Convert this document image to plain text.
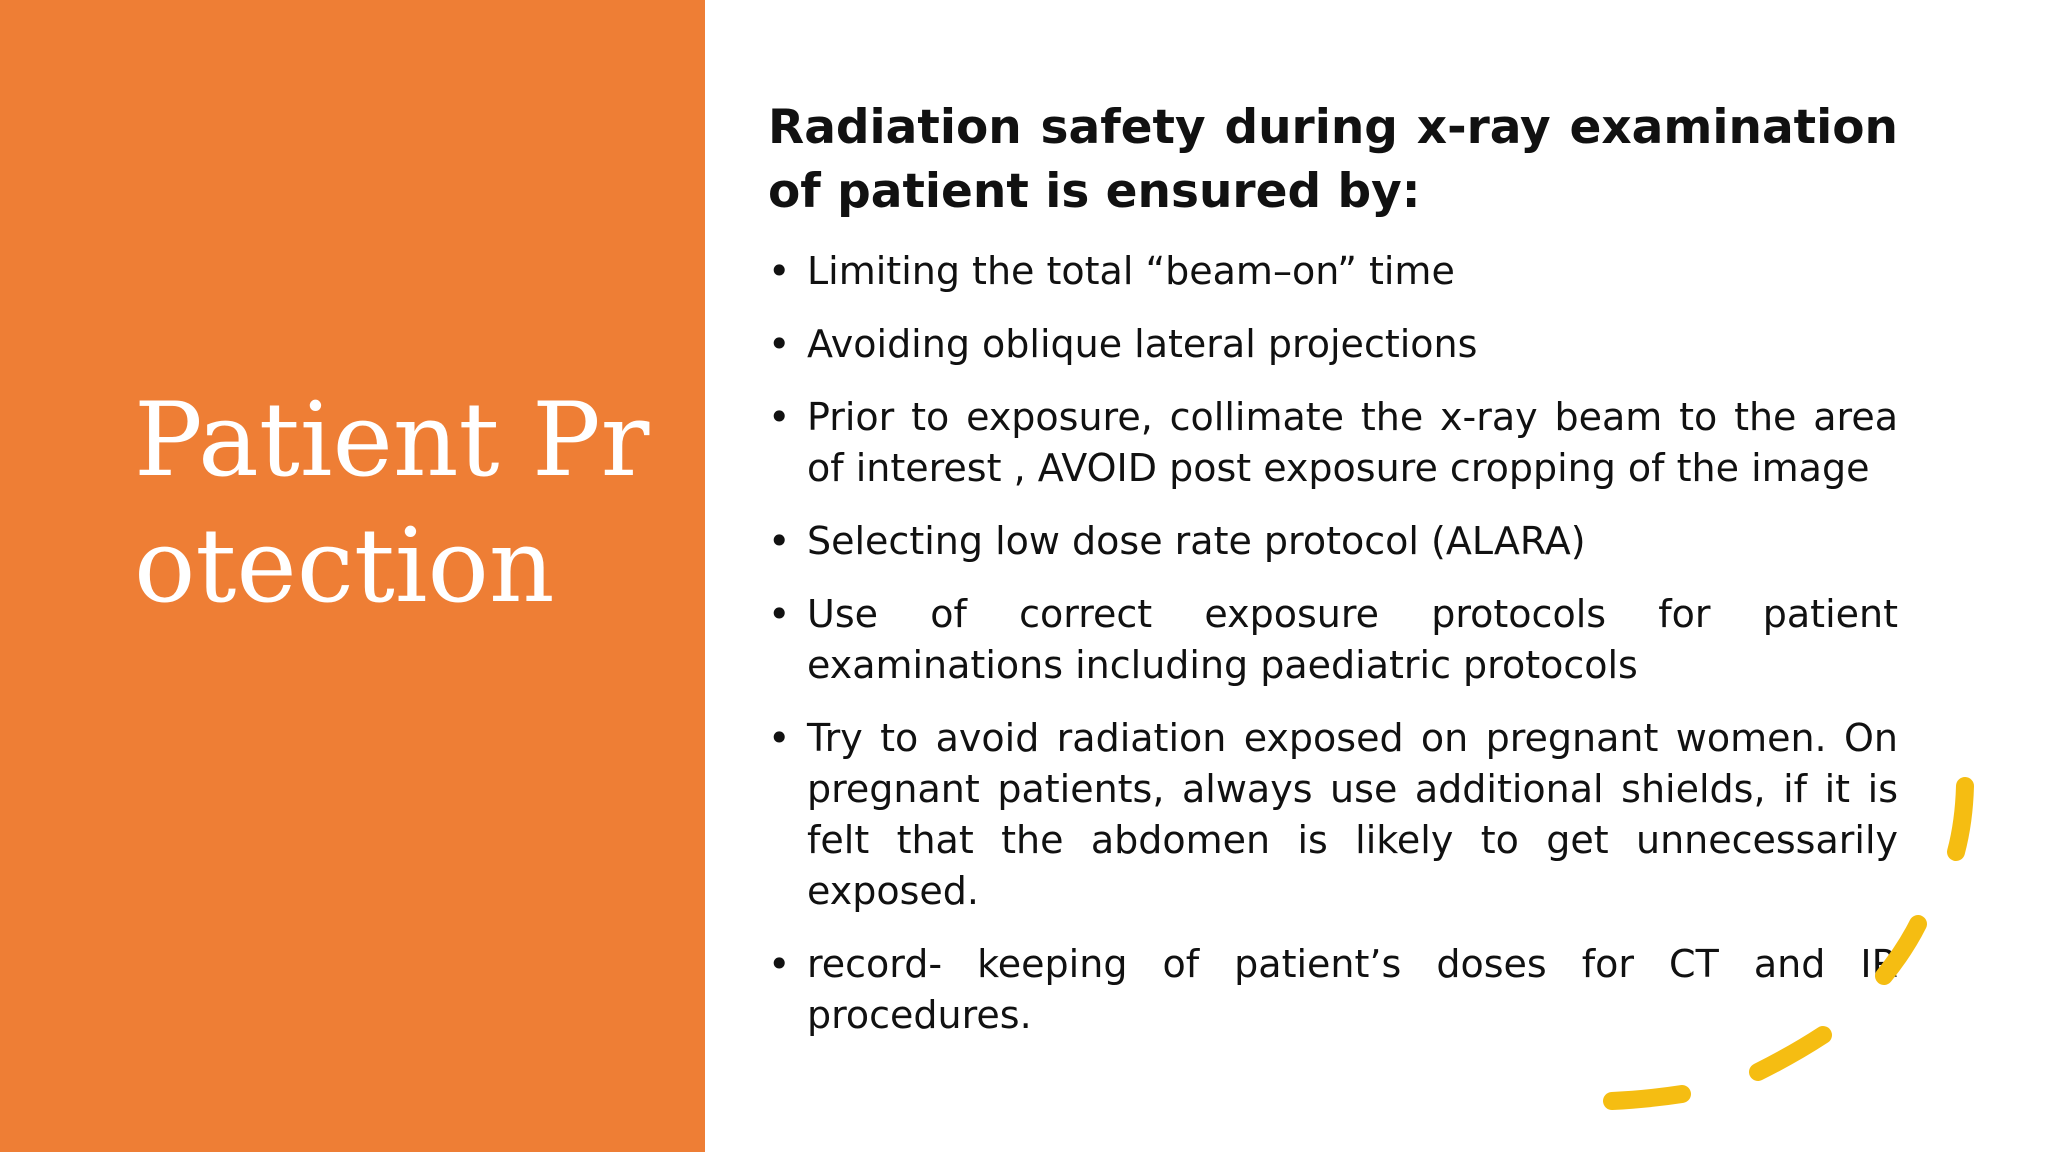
Patient Protection

Radiation safety during x-ray examination of patient is ensured by:

• Limiting the total “beam–on” time
• Avoiding oblique lateral projections
• Prior to exposure, collimate the x-ray beam to the area of interest , AVOID post exposure cropping of the image
• Selecting low dose rate protocol (ALARA)
• Use of correct exposure protocols for patient examinations including paediatric protocols
• Try to avoid radiation exposed on pregnant women. On pregnant patients, always use additional shields, if it is felt that the abdomen is likely to get unnecessarily exposed.
• record- keeping of patient’s doses for CT and IR procedures.
